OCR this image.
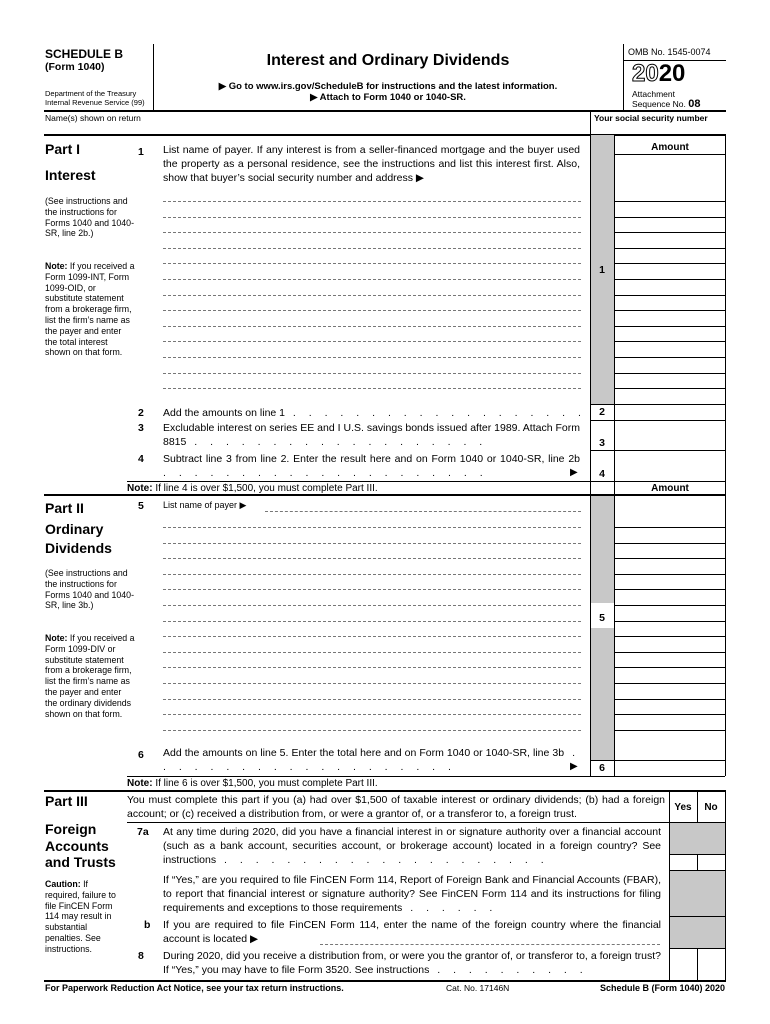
SCHEDULE B
(Form 1040)
Department of the Treasury
Internal Revenue Service (99)
Interest and Ordinary Dividends
▶ Go to www.irs.gov/ScheduleB for instructions and the latest information.
▶ Attach to Form 1040 or 1040-SR.
OMB No. 1545-0074
2020
Attachment
Sequence No. 08
Name(s) shown on return	Your social security number
Part I
Interest
(See instructions and the instructions for Forms 1040 and 1040-SR, line 2b.)
Note: If you received a Form 1099-INT, Form 1099-OID, or substitute statement from a brokerage firm, list the firm’s name as the payer and enter the total interest shown on that form.
Amount
1 List name of payer. If any interest is from a seller-financed mortgage and the buyer used the property as a personal residence, see the instructions and list this interest first. Also, show that buyer’s social security number and address ▶
1
2 Add the amounts on line 1 . . . . . . . . . . . . . . . . . . .	2
3 Excludable interest on series EE and I U.S. savings bonds issued after 1989. Attach Form 8815 . . . . . . . . . . . . . . . . . . .	3
4 Subtract line 3 from line 2. Enter the result here and on Form 1040 or 1040-SR, line 2b . . . . . . . . . . . . . . . . . . . . .	▶	4
Note: If line 4 is over $1,500, you must complete Part III.	Amount
Part II
Ordinary
Dividends
(See instructions and the instructions for Forms 1040 and 1040-SR, line 3b.)
Note: If you received a Form 1099-DIV or substitute statement from a brokerage firm, list the firm’s name as the payer and enter the ordinary dividends shown on that form.
5 List name of payer ▶
5
6 Add the amounts on line 5. Enter the total here and on Form 1040 or 1040-SR, line 3b . . . . . . . . . . . . . . . . . . . .	▶	6
Note: If line 6 is over $1,500, you must complete Part III.
Part III
Foreign
Accounts
and Trusts
Caution: If required, failure to file FinCEN Form 114 may result in substantial penalties. See instructions.
You must complete this part if you (a) had over $1,500 of taxable interest or ordinary dividends; (b) had a foreign account; or (c) received a distribution from, or were a grantor of, or a transferor to, a foreign trust.
Yes	No
7a At any time during 2020, did you have a financial interest in or signature authority over a financial account (such as a bank account, securities account, or brokerage account) located in a foreign country? See instructions . . . . . . . . . . . . . . . . . . . . .
If “Yes,” are you required to file FinCEN Form 114, Report of Foreign Bank and Financial Accounts (FBAR), to report that financial interest or signature authority? See FinCEN Form 114 and its instructions for filing requirements and exceptions to those requirements . . . . . .
b If you are required to file FinCEN Form 114, enter the name of the foreign country where the financial account is located ▶
8 During 2020, did you receive a distribution from, or were you the grantor of, or transferor to, a foreign trust? If “Yes,” you may have to file Form 3520. See instructions . . . . . . . . . .
For Paperwork Reduction Act Notice, see your tax return instructions.	Cat. No. 17146N	Schedule B (Form 1040) 2020
